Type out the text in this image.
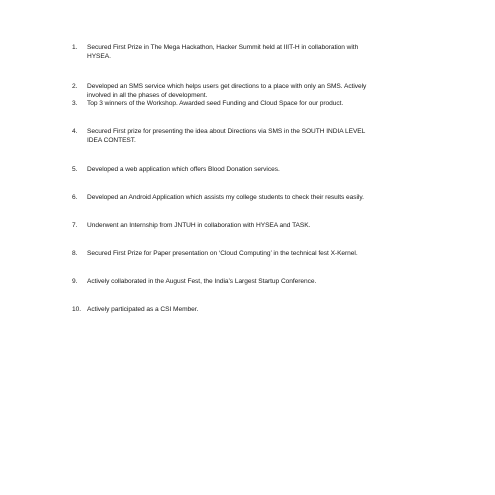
1.	Secured First Prize in The Mega Hackathon, Hacker Summit held at IIIT-H in collaboration with
HYSEA.
2.	Developed an SMS service which helps users get directions to a place with only an SMS. Actively
involved in all the phases of development.
3.	Top 3 winners of the Workshop. Awarded seed Funding and Cloud Space for our product.
4.	Secured First prize for presenting the idea about Directions via SMS in the SOUTH INDIA LEVEL
IDEA CONTEST.
5.	Developed a web application which offers Blood Donation services.
6.	Developed an Android Application which assists my college students to check their results easily.
7.	Underwent an Internship from JNTUH in collaboration with HYSEA and TASK.
8.	Secured First Prize for Paper presentation on ‘Cloud Computing’ in the technical fest X-Kernel.
9.	Actively collaborated in the August Fest, the India’s Largest Startup Conference.
10. Actively participated as a CSI Member.
